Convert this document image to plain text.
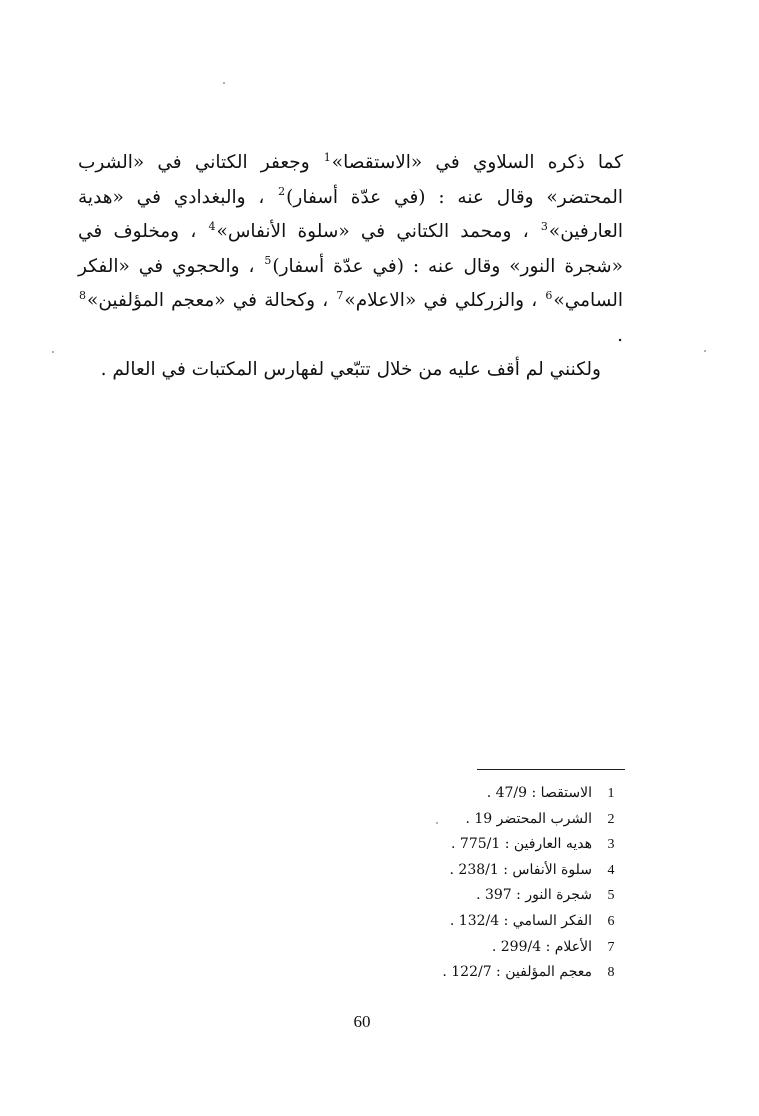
كما ذكره السلاوي في «الاستقصا»$^1$ وجعفر الكتاني في «الشرب المحتضر» وقال عنه : (في عدّة أسفار)$^2$ ، والبغدادي في «هدية العارفين»$^3$ ، ومحمد الكتاني في «سلوة الأنفاس»$^4$ ، ومخلوف في «شجرة النور» وقال عنه : (في عدّة أسفار)$^5$ ، والحجوي في «الفكر السامي»$^6$ ، والزركلي في «الاعلام»$^7$ ، وكحالة في «معجم المؤلفين»$^8$ .

ولكنني لم أقف عليه من خلال تتبّعي لفهارس المكتبات في العالم .

1
الاستقصا : 47/9 .
2
الشرب المحتضر 19 .
3
هديه العارفين : 775/1 .
4
سلوة الأنفاس : 238/1 .
5
شجرة النور : 397 .
6
الفكر السامي : 132/4 .
7
الأعلام : 299/4 .
8
معجم المؤلفين : 122/7 .
60
